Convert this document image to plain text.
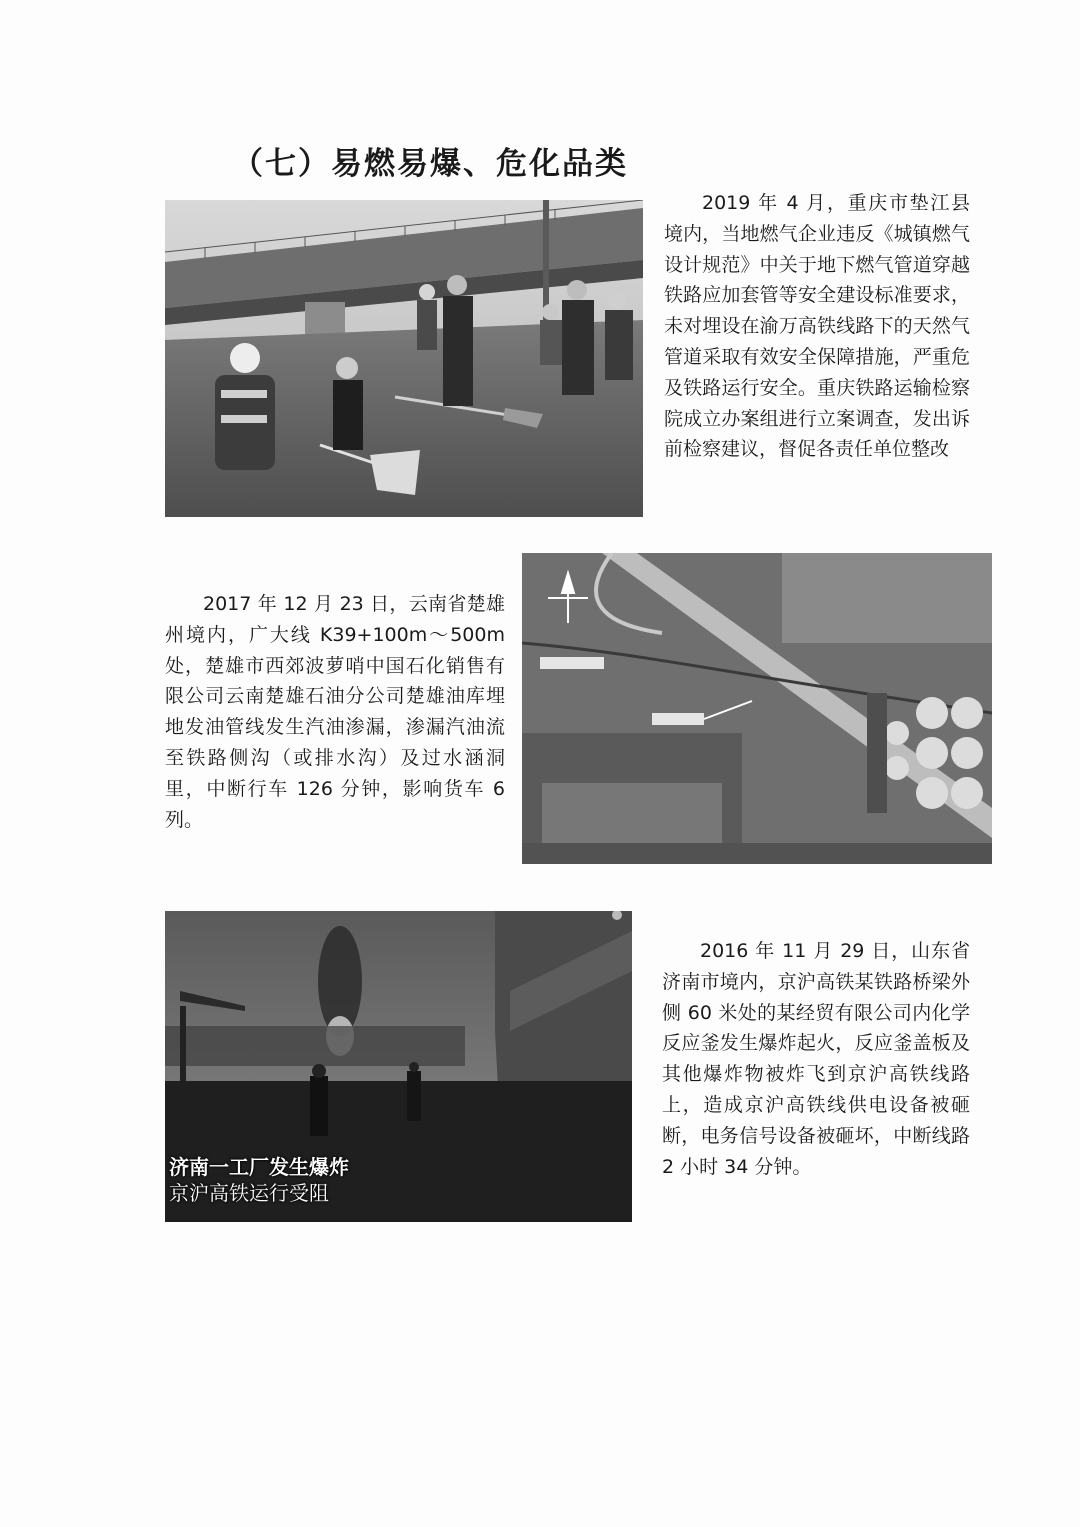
（七）易燃易爆、危化品类

2019 年 4 月，重庆市垫江县境内，当地燃气企业违反《城镇燃气设计规范》中关于地下燃气管道穿越铁路应加套管等安全建设标准要求，未对埋设在渝万高铁线路下的天然气管道采取有效安全保障措施，严重危及铁路运行安全。重庆铁路运输检察院成立办案组进行立案调查，发出诉前检察建议，督促各责任单位整改

2017 年 12 月 23 日，云南省楚雄州境内，广大线 K39+100m～500m 处，楚雄市西郊波萝哨中国石化销售有限公司云南楚雄石油分公司楚雄油库埋地发油管线发生汽油渗漏，渗漏汽油流至铁路侧沟（或排水沟）及过水涵洞里，中断行车 126 分钟，影响货车 6 列。

济南一工厂发生爆炸
京沪高铁运行受阻

2016 年 11 月 29 日，山东省济南市境内，京沪高铁某铁路桥梁外侧 60 米处的某经贸有限公司内化学反应釜发生爆炸起火，反应釜盖板及其他爆炸物被炸飞到京沪高铁线路上，造成京沪高铁线供电设备被砸断，电务信号设备被砸坏，中断线路 2 小时 34 分钟。
